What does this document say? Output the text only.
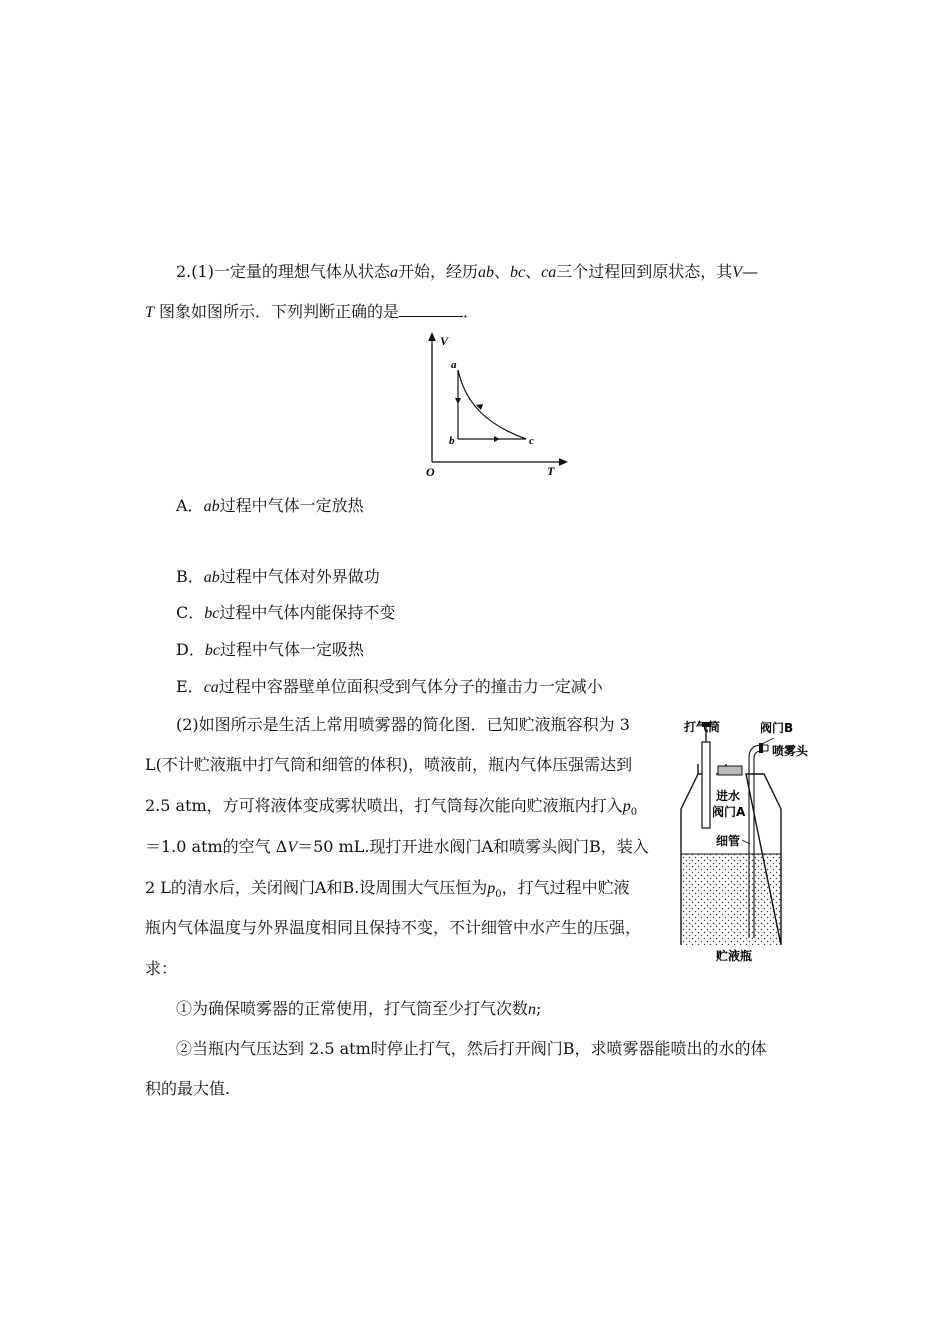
2.(1)一定量的理想气体从状态a开始，经历ab、bc、ca三个过程回到原状态，其V—
T 图象如图所示．下列判断正确的是	．
V
T
O
a
b	c
A．ab过程中气体一定放热
B．ab过程中气体对外界做功
C．bc过程中气体内能保持不变
D．bc过程中气体一定吸热
E．ca过程中容器壁单位面积受到气体分子的撞击力一定减小
(2)如图所示是生活上常用喷雾器的简化图．已知贮液瓶容积为 3
L(不计贮液瓶中打气筒和细管的体积)，喷液前，瓶内气体压强需达到
2.5 atm，方可将液体变成雾状喷出，打气筒每次能向贮液瓶内打入$p_0$
＝1.0 atm的空气 ΔV＝50 mL.现打开进水阀门A和喷雾头阀门B，装入
2 L的清水后，关闭阀门A和B.设周围大气压恒为$p_0$，打气过程中贮液
瓶内气体温度与外界温度相同且保持不变，不计细管中水产生的压强，
求：
①为确保喷雾器的正常使用，打气筒至少打气次数n;
②当瓶内气压达到 2.5 atm时停止打气，然后打开阀门B，求喷雾器能喷出的水的体
积的最大值.
打气筒	阀门B
喷雾头
进水
阀门A
细管
贮液瓶
